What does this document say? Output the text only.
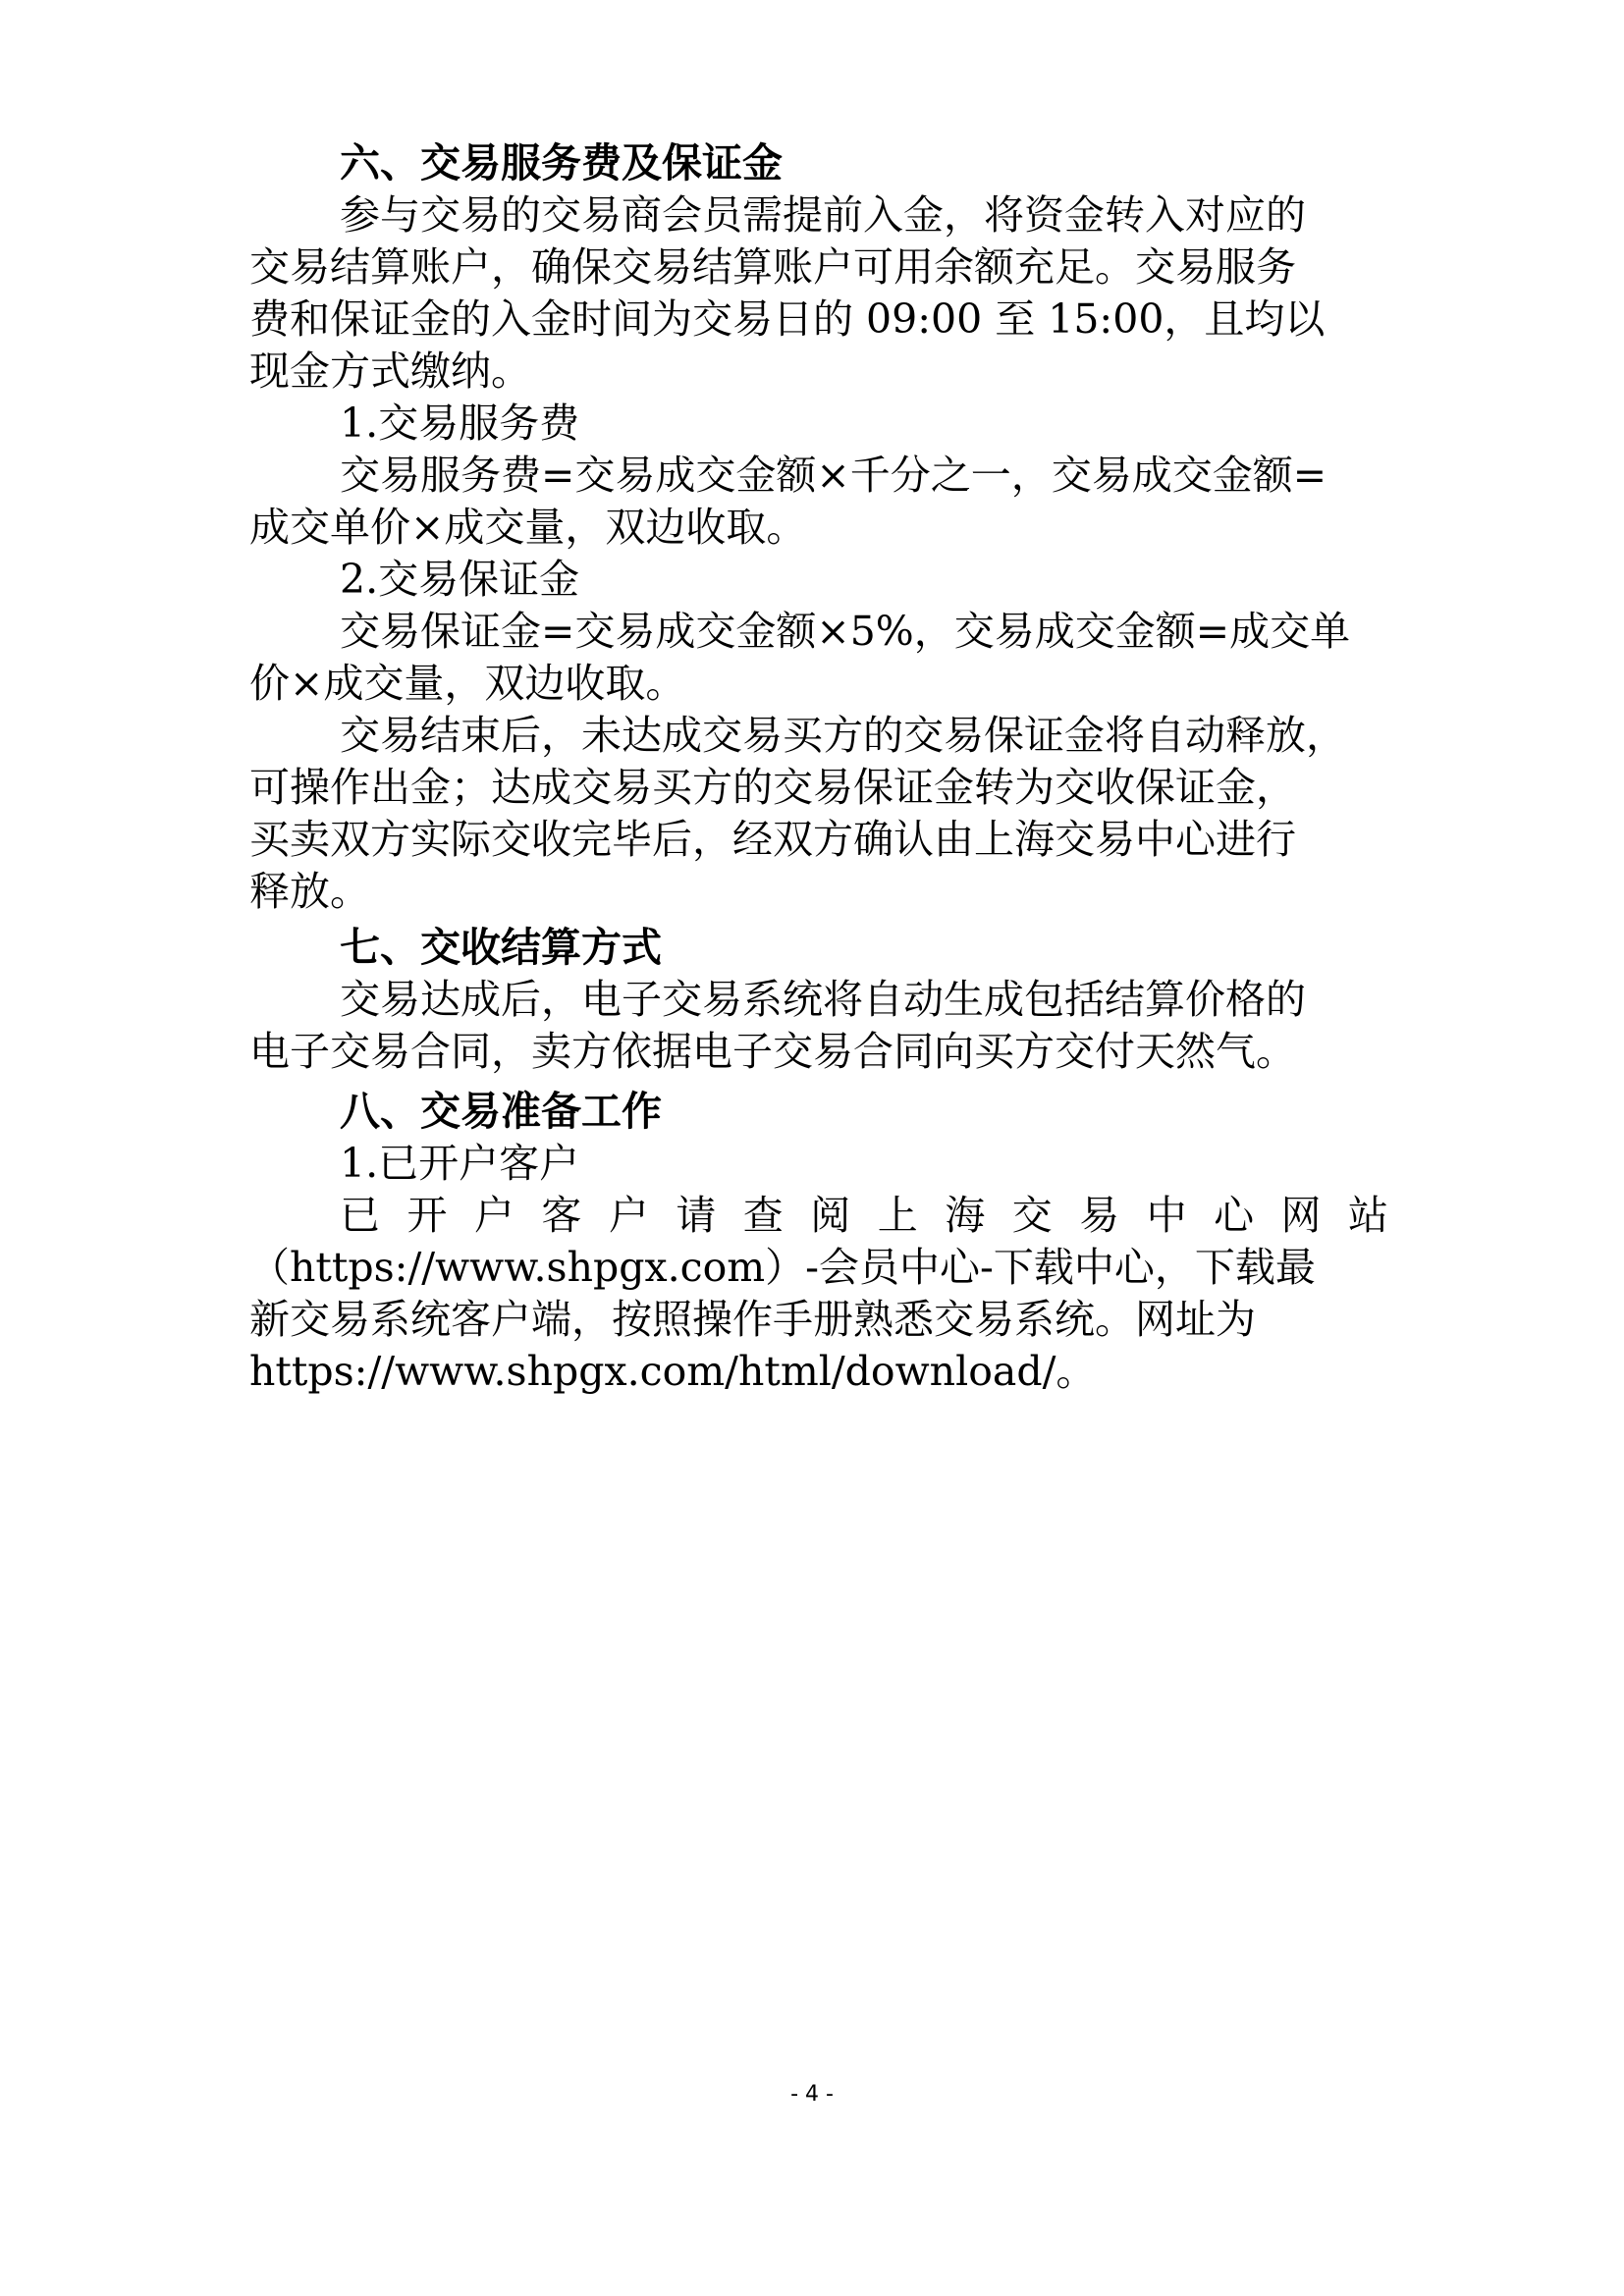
六、交易服务费及保证金
参与交易的交易商会员需提前入金，将资金转入对应的
交易结算账户，确保交易结算账户可用余额充足。交易服务
费和保证金的入金时间为交易日的 09:00 至 15:00，且均以
现金方式缴纳。
1.交易服务费
交易服务费=交易成交金额×千分之一，交易成交金额=
成交单价×成交量，双边收取。
2.交易保证金
交易保证金=交易成交金额×5%，交易成交金额=成交单
价×成交量，双边收取。
交易结束后，未达成交易买方的交易保证金将自动释放，
可操作出金；达成交易买方的交易保证金转为交收保证金，
买卖双方实际交收完毕后，经双方确认由上海交易中心进行
释放。
七、交收结算方式
交易达成后，电子交易系统将自动生成包括结算价格的
电子交易合同，卖方依据电子交易合同向买方交付天然气。
八、交易准备工作
1.已开户客户
已开户客户请查阅上海交易中心网站
（https://www.shpgx.com）-会员中心-下载中心，下载最
新交易系统客户端，按照操作手册熟悉交易系统。网址为
https://www.shpgx.com/html/download/。
- 4 -
